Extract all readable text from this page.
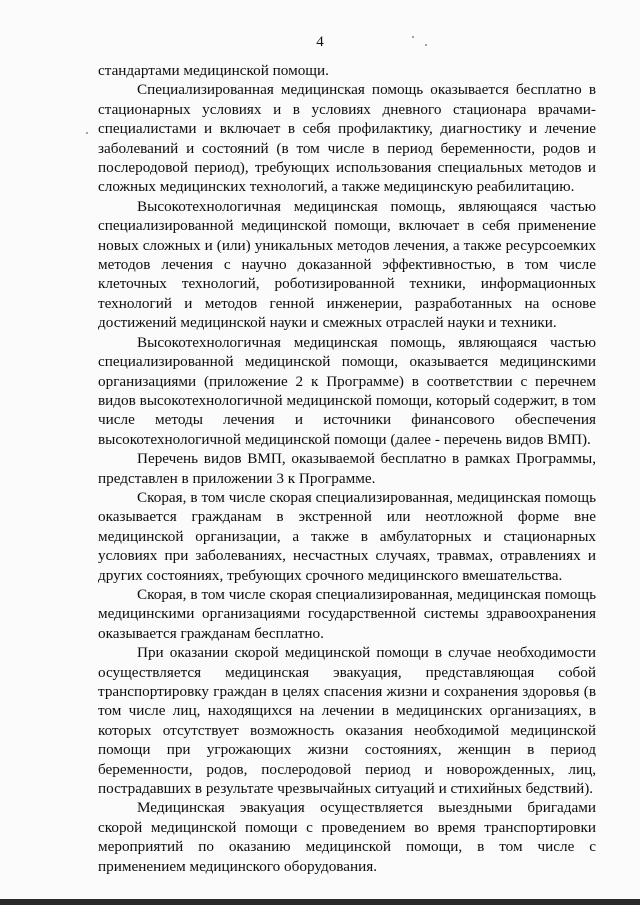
4

стандартами медицинской помощи.

Специализированная медицинская помощь оказывается бесплатно в стационарных условиях и в условиях дневного стационара врачами-специалистами и включает в себя профилактику, диагностику и лечение заболеваний и состояний (в том числе в период беременности, родов и послеродовой период), требующих использования специальных методов и сложных медицинских технологий, а также медицинскую реабилитацию.

Высокотехнологичная медицинская помощь, являющаяся частью специализированной медицинской помощи, включает в себя применение новых сложных и (или) уникальных методов лечения, а также ресурсоемких методов лечения с научно доказанной эффективностью, в том числе клеточных технологий, роботизированной техники, информационных технологий и методов генной инженерии, разработанных на основе достижений медицинской науки и смежных отраслей науки и техники.

Высокотехнологичная медицинская помощь, являющаяся частью специализированной медицинской помощи, оказывается медицинскими организациями (приложение 2 к Программе) в соответствии с перечнем видов высокотехнологичной медицинской помощи, который содержит, в том числе методы лечения и источники финансового обеспечения высокотехнологичной медицинской помощи (далее - перечень видов ВМП).

Перечень видов ВМП, оказываемой бесплатно в рамках Программы, представлен в приложении 3 к Программе.

Скорая, в том числе скорая специализированная, медицинская помощь оказывается гражданам в экстренной или неотложной форме вне медицинской организации, а также в амбулаторных и стационарных условиях при заболеваниях, несчастных случаях, травмах, отравлениях и других состояниях, требующих срочного медицинского вмешательства.

Скорая, в том числе скорая специализированная, медицинская помощь медицинскими организациями государственной системы здравоохранения оказывается гражданам бесплатно.

При оказании скорой медицинской помощи в случае необходимости осуществляется медицинская эвакуация, представляющая собой транспортировку граждан в целях спасения жизни и сохранения здоровья (в том числе лиц, находящихся на лечении в медицинских организациях, в которых отсутствует возможность оказания необходимой медицинской помощи при угрожающих жизни состояниях, женщин в период беременности, родов, послеродовой период и новорожденных, лиц, пострадавших в результате чрезвычайных ситуаций и стихийных бедствий).

Медицинская эвакуация осуществляется выездными бригадами скорой медицинской помощи с проведением во время транспортировки мероприятий по оказанию медицинской помощи, в том числе с применением медицинского оборудования.
